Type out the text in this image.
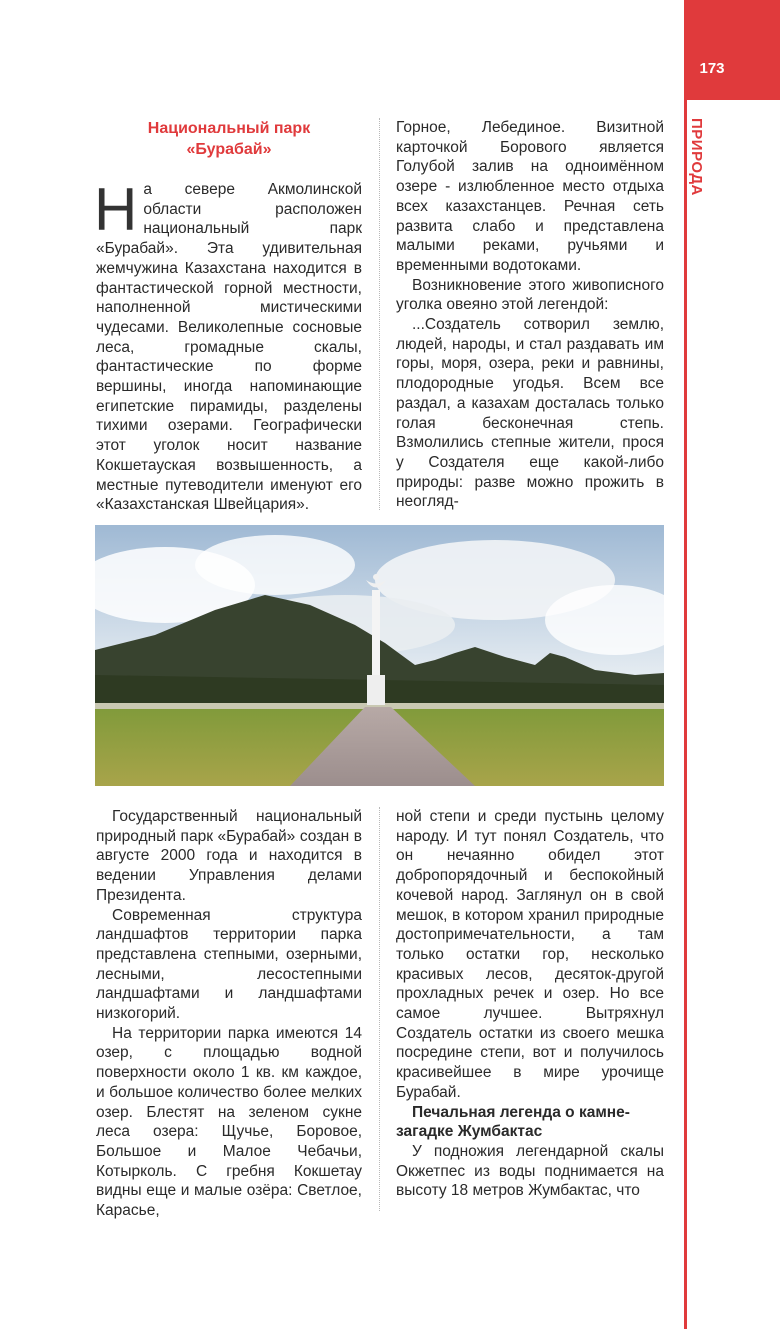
173
ПРИРОДА
Национальный парк
«Бурабай»

На севере Акмолинской области расположен национальный парк «Бурабай». Эта удивительная жемчужина Казахстана находится в фантастической горной местности, наполненной мистическими чудесами. Великолепные сосновые леса, громадные скалы, фантастические по форме вершины, иногда напоминающие египетские пирамиды, разделены тихими озерами. Географически этот уголок носит название Кокшетауская возвышенность, а местные путеводители именуют его «Казахстанская Швейцария».

Горное, Лебединое. Визитной карточкой Борового является Голубой залив на одноимённом озере - излюбленное место отдыха всех казахстанцев. Речная сеть развита слабо и представлена малыми реками, ручьями и временными водотоками.

Возникновение этого живописного уголка овеяно этой легендой:

...Создатель сотворил землю, людей, народы, и стал раздавать им горы, моря, озера, реки и равнины, плодородные угодья. Всем все раздал, а казахам досталась только голая бесконечная степь. Взмолились степные жители, прося у Создателя еще какой-либо природы: разве можно прожить в неогляд-

Государственный национальный природный парк «Бурабай» создан в августе 2000 года и находится в ведении Управления делами Президента.

Современная структура ландшафтов территории парка представлена степными, озерными, лесными, лесостепными ландшафтами и ландшафтами низкогорий.

На территории парка имеются 14 озер, с площадью водной поверхности около 1 кв. км каждое, и большое количество более мелких озер. Блестят на зеленом сукне леса озера: Щучье, Боровое, Большое и Малое Чебачьи, Котырколь. С гребня Кокшетау видны еще и малые озёра: Светлое, Карасье,

ной степи и среди пустынь целому народу. И тут понял Создатель, что он нечаянно обидел этот добропорядочный и беспокойный кочевой народ. Заглянул он в свой мешок, в котором хранил природные достопримечательности, а там только остатки гор, несколько красивых лесов, десяток-другой прохладных речек и озер. Но все самое лучшее. Вытряхнул Создатель остатки из своего мешка посредине степи, вот и получилось красивейшее в мире урочище Бурабай.

Печальная легенда о камне-загадке Жумбактас

У подножия легендарной скалы Окжетпес из воды поднимается на высоту 18 метров Жумбактас, что
